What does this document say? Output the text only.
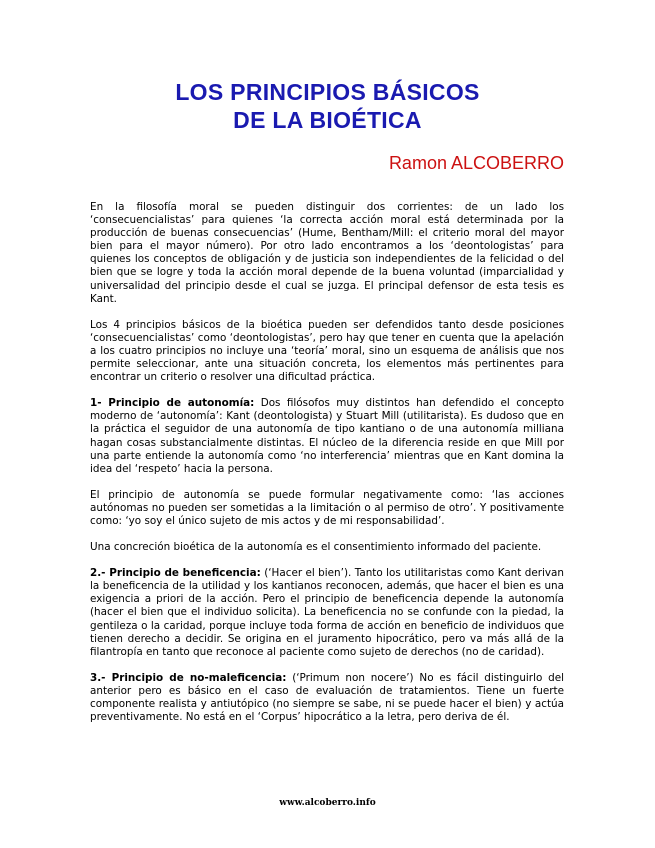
LOS PRINCIPIOS BÁSICOS
DE LA BIOÉTICA
Ramon ALCOBERRO

En la filosofía moral se pueden distinguir dos corrientes: de un lado los ‘consecuencialistas’ para quienes ‘la correcta acción moral está determinada por la producción de buenas consecuencias’ (Hume, Bentham/Mill: el criterio moral del mayor bien para el mayor número). Por otro lado encontramos a los ‘deontologistas’ para quienes los conceptos de obligación y de justicia son independientes de la felicidad o del bien que se logre y toda la acción moral depende de la buena voluntad (imparcialidad y universalidad del principio desde el cual se juzga. El principal defensor de esta tesis es Kant.

Los 4 principios básicos de la bioética pueden ser defendidos tanto desde posiciones ‘consecuencialistas’ como ‘deontologistas’, pero hay que tener en cuenta que la apelación a los cuatro principios no incluye una ‘teoría’ moral, sino un esquema de análisis que nos permite seleccionar, ante una situación concreta, los elementos más pertinentes para encontrar un criterio o resolver una dificultad práctica.

1- Principio de autonomía: Dos filósofos muy distintos han defendido el concepto moderno de ‘autonomía’: Kant (deontologista) y Stuart Mill (utilitarista). Es dudoso que en la práctica el seguidor de una autonomía de tipo kantiano o de una autonomía milliana hagan cosas substancialmente distintas. El núcleo de la diferencia reside en que Mill por una parte entiende la autonomía como ‘no interferencia’ mientras que en Kant domina la idea del ‘respeto’ hacia la persona.

El principio de autonomía se puede formular negativamente como: ‘las acciones autónomas no pueden ser sometidas a la limitación o al permiso de otro’. Y positivamente como: ‘yo soy el único sujeto de mis actos y de mi responsabilidad’.

Una concreción bioética de la autonomía es el consentimiento informado del paciente.

2.- Principio de beneficencia: (‘Hacer el bien’). Tanto los utilitaristas como Kant derivan la beneficencia de la utilidad y los kantianos reconocen, además, que hacer el bien es una exigencia a priori de la acción. Pero el principio de beneficencia depende la autonomía (hacer el bien que el individuo solicita). La beneficencia no se confunde con la piedad, la gentileza o la caridad, porque incluye toda forma de acción en beneficio de individuos que tienen derecho a decidir. Se origina en el juramento hipocrático, pero va más allá de la filantropía en tanto que reconoce al paciente como sujeto de derechos (no de caridad).

3.- Principio de no-maleficencia: (‘Primum non nocere’) No es fácil distinguirlo del anterior pero es básico en el caso de evaluación de tratamientos. Tiene un fuerte componente realista y antiutópico (no siempre se sabe, ni se puede hacer el bien) y actúa preventivamente. No está en el ‘Corpus’ hipocrático a la letra, pero deriva de él.

www.alcoberro.info
